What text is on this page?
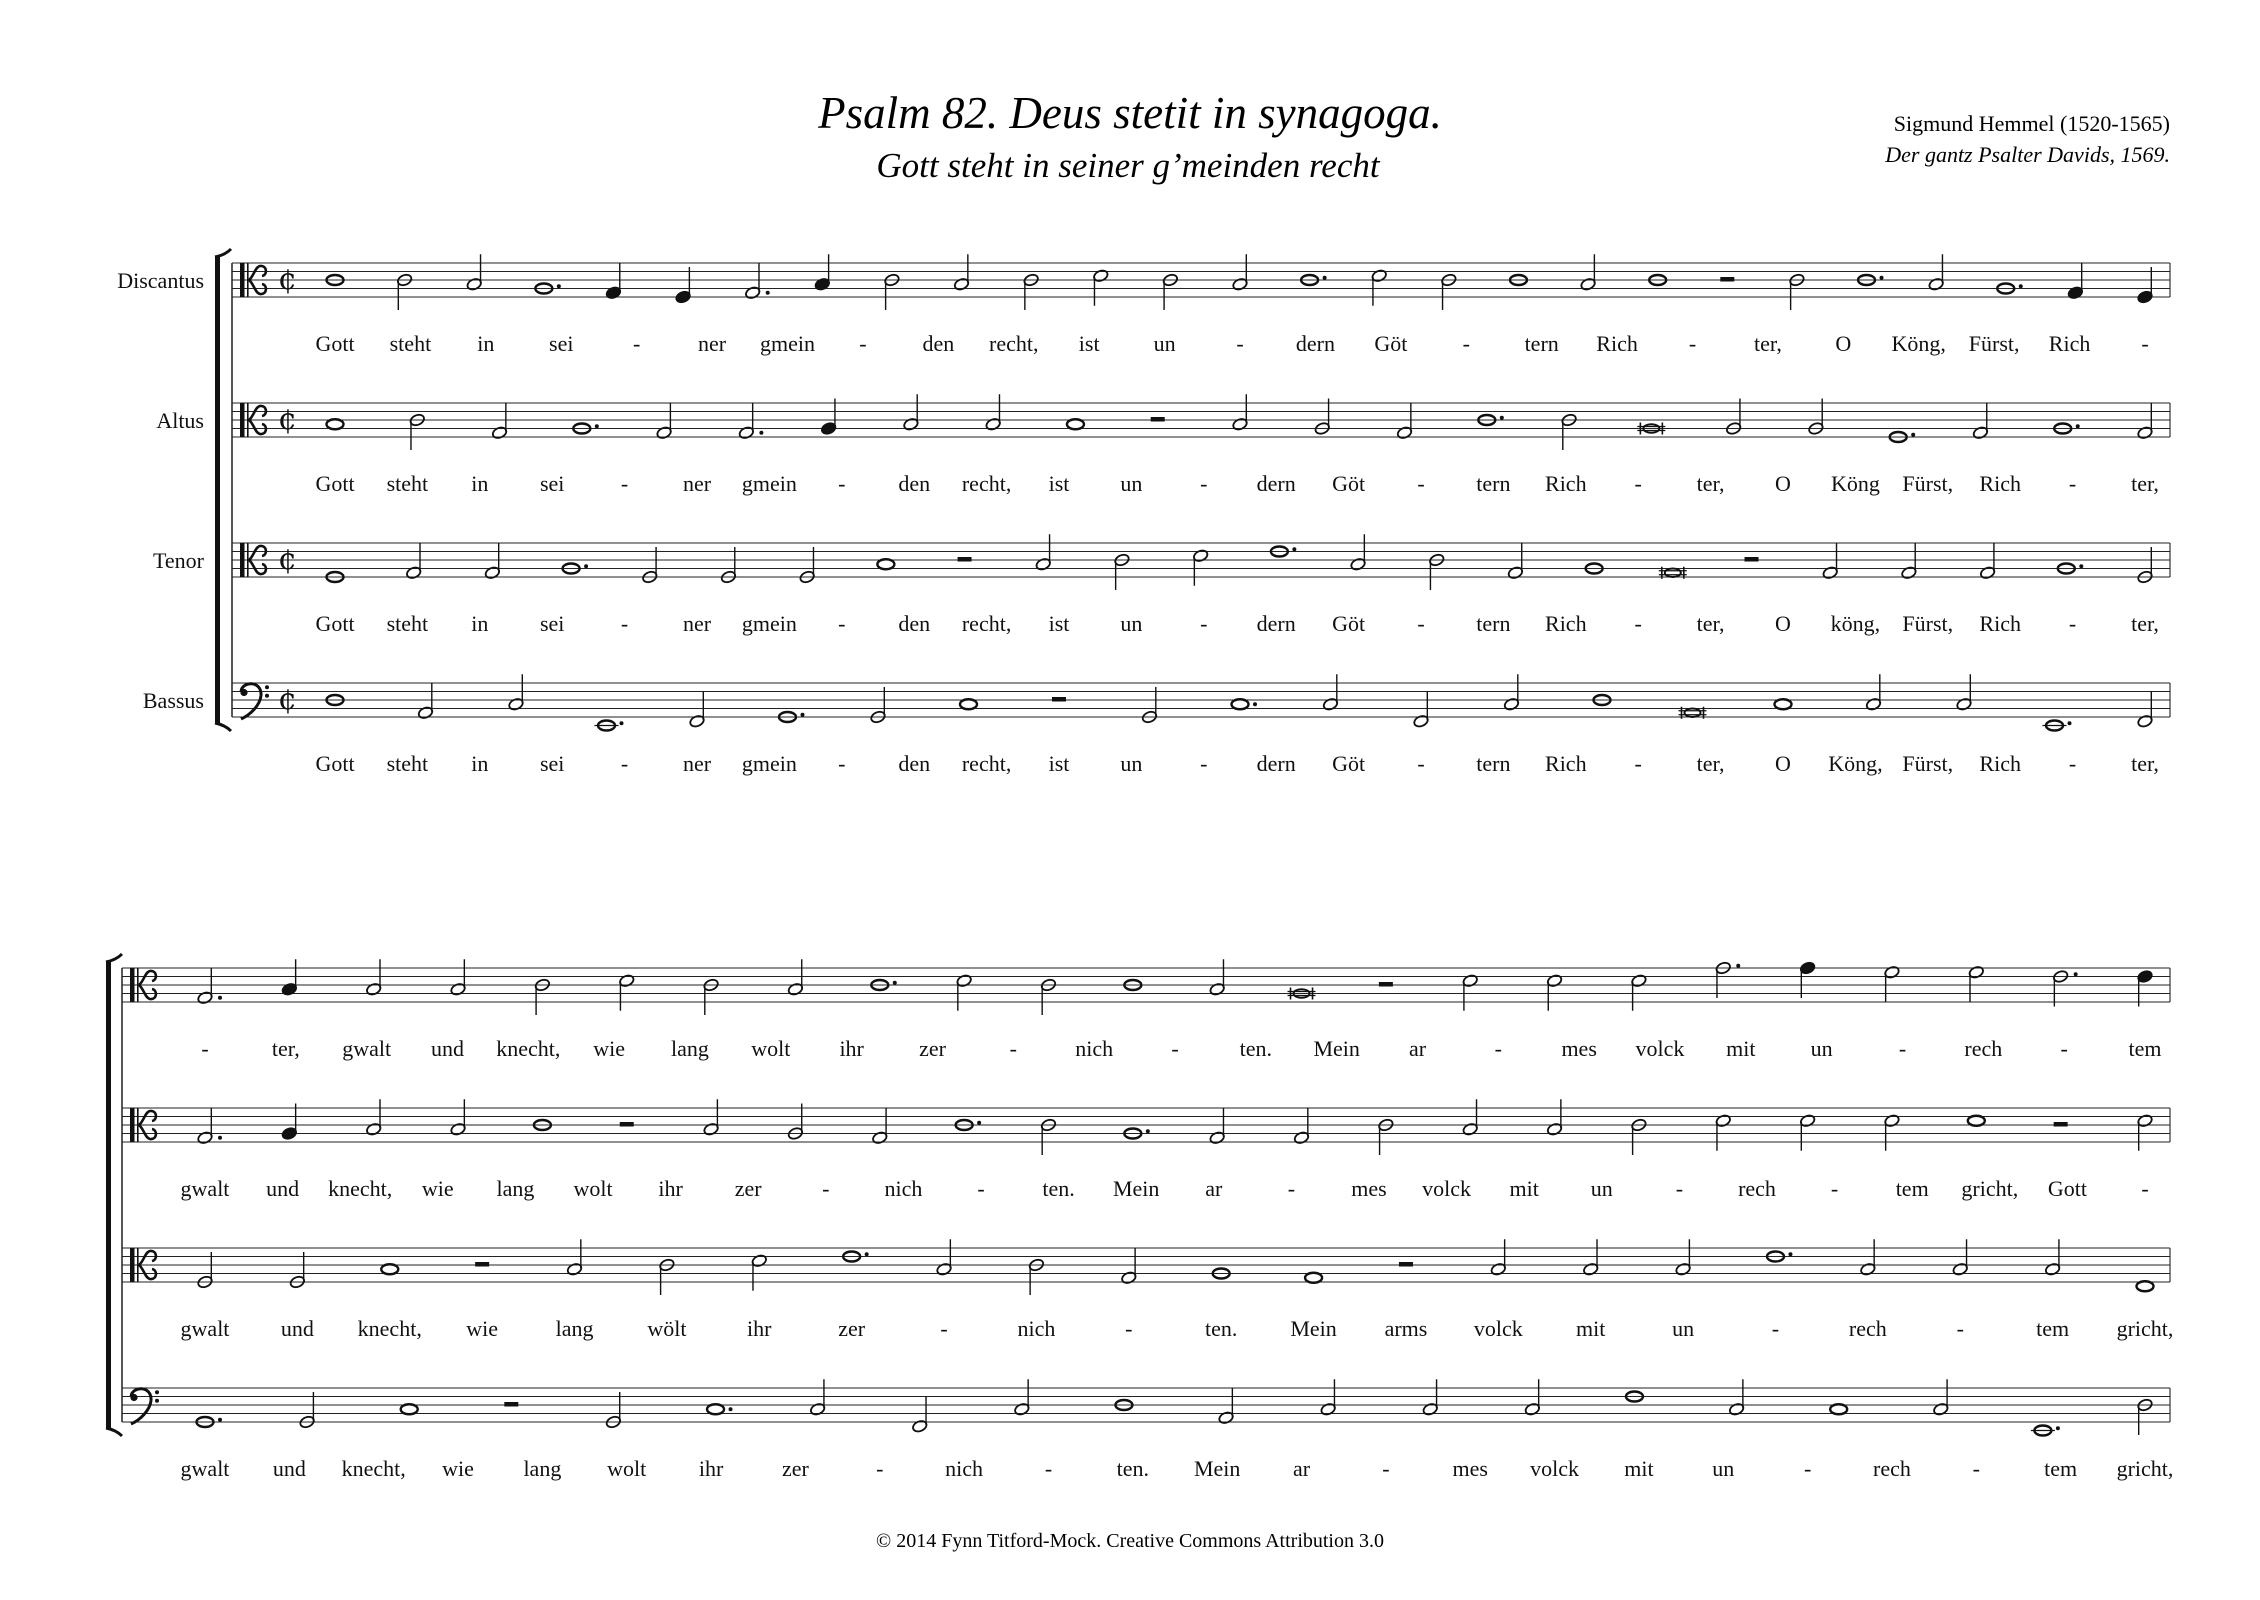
Psalm 82. Deus stetit in synagoga.
Gott steht in seiner g’meinden recht
Sigmund Hemmel (1520-1565)
Der gantz Psalter Davids, 1569.
Discantus ¢
Gott steht in sei	-	ner gmein -	den recht, ist un	- dern Göt	- tern Rich -	ter, O Köng, Fürst, Rich -
Altus ¢
Gott steht in sei	- ner gmein - den recht, ist un	- dern Göt - tern Rich - ter, O Köng Fürst, Rich - ter,
Tenor ¢
Gott steht in sei	- ner gmein - den recht, ist un	- dern Göt - tern Rich - ter, O köng, Fürst, Rich - ter,
Bassus ¢
Gott steht in sei	- ner gmein - den recht, ist un	- dern Göt - tern Rich - ter, O Köng, Fürst, Rich - ter,
-	ter, gwalt und knecht, wie lang wolt ihr	zer	-	nich	-	ten. Mein ar	-	mes volck mit	un	-	rech	-	tem
gwalt und knecht, wie lang wolt ihr zer	- nich -	ten. Mein ar	-	mes volck mit un	-	rech	-	tem gricht, Gott -
gwalt und knecht, wie	lang wölt	ihr	zer	-	nich	-	ten. Mein arms volck mit	un	-	rech	-	tem gricht,
gwalt und knecht, wie lang wolt ihr	zer	-	nich	-	ten. Mein ar	-	mes volck mit	un	-	rech	-	tem gricht,
© 2014 Fynn Titford-Mock. Creative Commons Attribution 3.0
